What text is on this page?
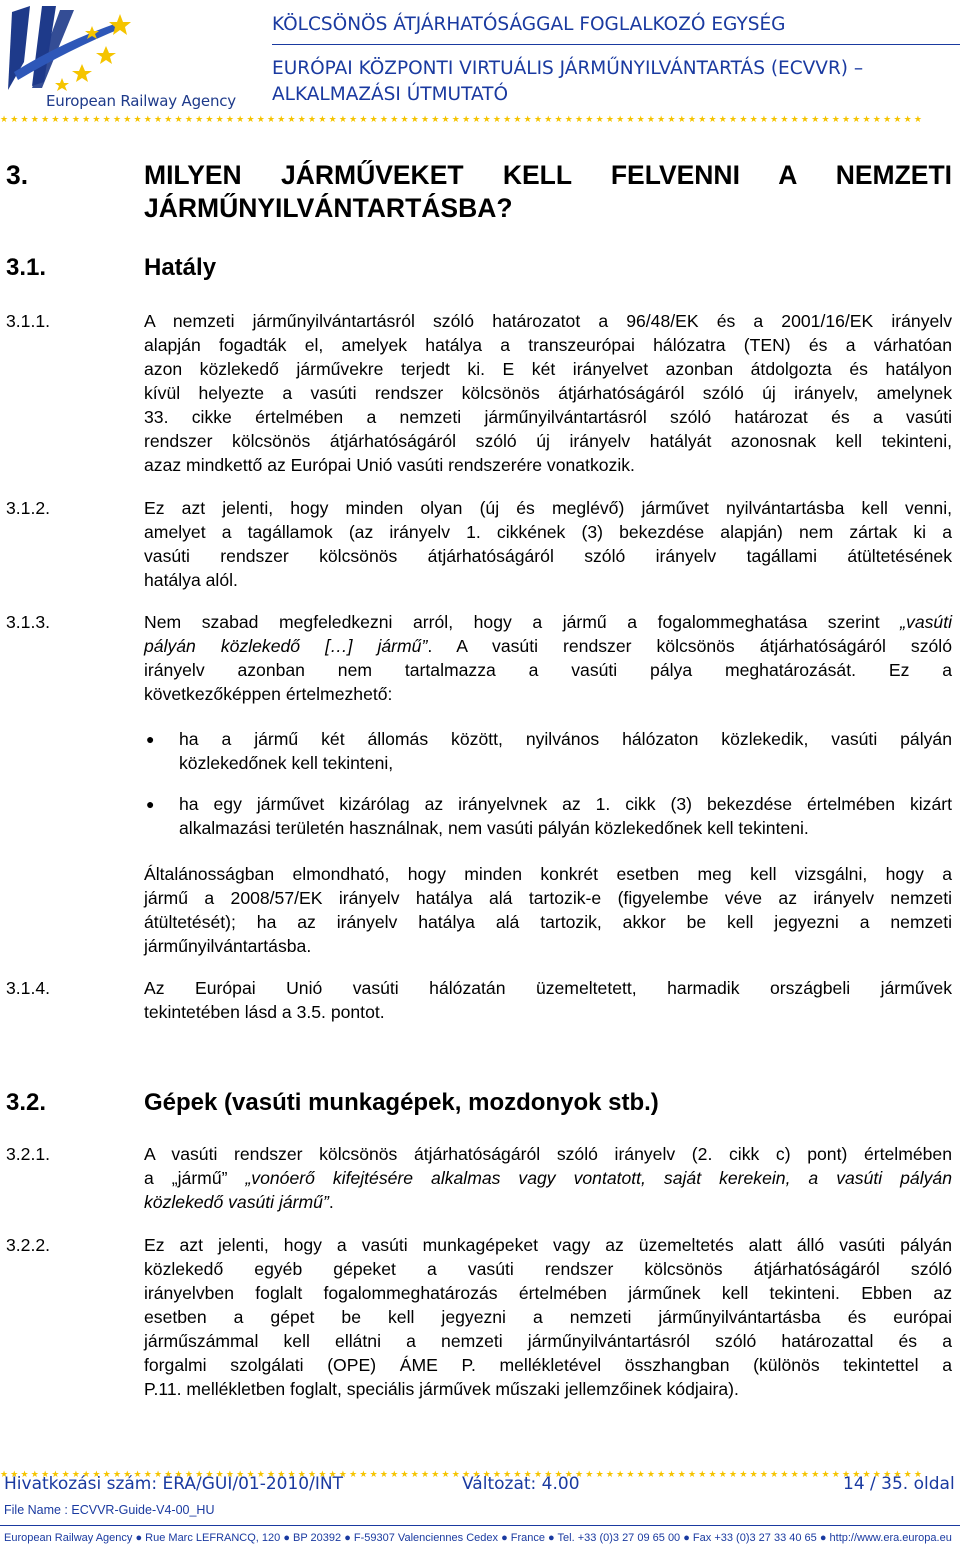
European Railway Agency
KÖLCSÖNÖS ÁTJÁRHATÓSÁGGAL FOGLALKOZÓ EGYSÉG
EURÓPAI KÖZPONTI VIRTUÁLIS JÁRMŰNYILVÁNTARTÁS (ECVVR) –
ALKALMAZÁSI ÚTMUTATÓ
★★★★★★★★★★★★★★★★★★★★★★★★★★★★★★★★★★★★★★★★★★★★★★★★★★★★★★★★★★★★★★★★★★★★★★★★★★★★★★★★★★★★★★★★★★
3.	MILYEN JÁRMŰVEKET KELL FELVENNI A NEMZETI
JÁRMŰNYILVÁNTARTÁSBA?
3.1.	Hatály
3.1.1.	A nemzeti járműnyilvántartásról szóló határozatot a 96/48/EK és a 2001/16/EK irányelv
alapján fogadták el, amelyek hatálya a transzeurópai hálózatra (TEN) és a várhatóan
azon közlekedő járművekre terjedt ki. E két irányelvet azonban átdolgozta és hatályon
kívül helyezte a vasúti rendszer kölcsönös átjárhatóságáról szóló új irányelv, amelynek
33. cikke értelmében a nemzeti járműnyilvántartásról szóló határozat és a vasúti
rendszer kölcsönös átjárhatóságáról szóló új irányelv hatályát azonosnak kell tekinteni,
azaz mindkettő az Európai Unió vasúti rendszerére vonatkozik.
3.1.2.	Ez azt jelenti, hogy minden olyan (új és meglévő) járművet nyilvántartásba kell venni,
amelyet a tagállamok (az irányelv 1. cikkének (3) bekezdése alapján) nem zártak ki a
vasúti rendszer kölcsönös átjárhatóságáról szóló irányelv tagállami átültetésének
hatálya alól.
3.1.3.	Nem szabad megfeledkezni arról, hogy a jármű a fogalommeghatása szerint „vasúti
pályán közlekedő […] jármű”. A vasúti rendszer kölcsönös átjárhatóságáról szóló
irányelv azonban nem tartalmazza a vasúti pálya meghatározását. Ez a
következőképpen értelmezhető:
● ha a jármű két állomás között, nyilvános hálózaton közlekedik, vasúti pályán
közlekedőnek kell tekinteni,
● ha egy járművet kizárólag az irányelvnek az 1. cikk (3) bekezdése értelmében kizárt
alkalmazási területén használnak, nem vasúti pályán közlekedőnek kell tekinteni.
Általánosságban elmondható, hogy minden konkrét esetben meg kell vizsgálni, hogy a
jármű a 2008/57/EK irányelv hatálya alá tartozik-e (figyelembe véve az irányelv nemzeti
átültetését); ha az irányelv hatálya alá tartozik, akkor be kell jegyezni a nemzeti
járműnyilvántartásba.
3.1.4.	Az Európai Unió vasúti hálózatán üzemeltetett, harmadik országbeli járművek
tekintetében lásd a 3.5. pontot.
3.2.	Gépek (vasúti munkagépek, mozdonyok stb.)
3.2.1.	A vasúti rendszer kölcsönös átjárhatóságáról szóló irányelv (2. cikk c) pont) értelmében
a „jármű” „vonóerő kifejtésére alkalmas vagy vontatott, saját kerekein, a vasúti pályán
közlekedő vasúti jármű”.
3.2.2.	Ez azt jelenti, hogy a vasúti munkagépeket vagy az üzemeltetés alatt álló vasúti pályán
közlekedő egyéb gépeket a vasúti rendszer kölcsönös átjárhatóságáról szóló
irányelvben foglalt fogalommeghatározás értelmében járműnek kell tekinteni. Ebben az
esetben a gépet be kell jegyezni a nemzeti járműnyilvántartásba és európai
járműszámmal kell ellátni a nemzeti járműnyilvántartásról szóló határozattal és a
forgalmi szolgálati (OPE) ÁME P. mellékletével összhangban (különös tekintettel a
P.11. mellékletben foglalt, speciális járművek műszaki jellemzőinek kódjaira).
★★★★★★★★★★★★★★★★★★★★★★★★★★★★★★★★★★★★★★★★★★★★★★★★★★★★★★★★★★★★★★★★★★★★★★★★★★★★★★★★★★★★★★★★★★
Hivatkozási szám: ERA/GUI/01-2010/INT	Változat: 4.00	14 / 35. oldal
File Name : ECVVR-Guide-V4-00_HU
European Railway Agency ● Rue Marc LEFRANCQ, 120 ● BP 20392 ● F-59307 Valenciennes Cedex ● France ● Tel. +33 (0)3 27 09 65 00 ● Fax +33 (0)3 27 33 40 65 ● http://www.era.europa.eu
